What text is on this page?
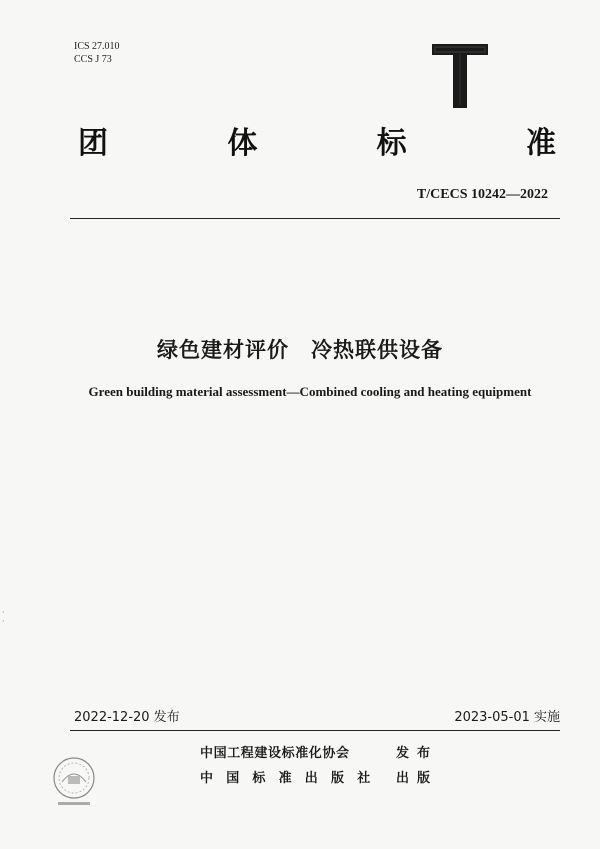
ICS 27.010
CCS J 73
团	体	标	准
T/CECS 10242—2022
绿色建材评价　冷热联供设备
Green building material assessment—Combined cooling and heating equipment
·
·
2022-12-20 发布	2023-05-01 实施
中国工程建设标准化协会	发布
中国标准出版社 出版
